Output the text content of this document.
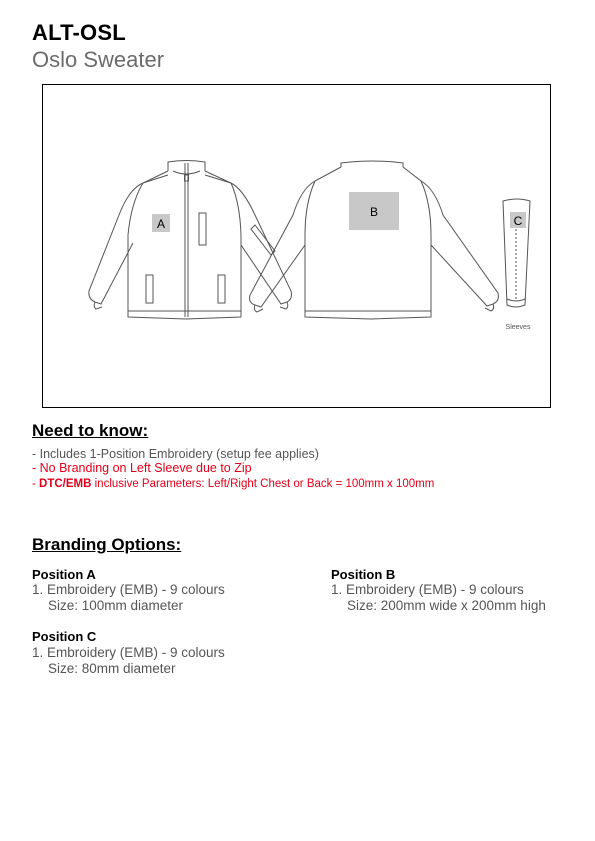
ALT-OSL
Oslo Sweater
A
B
C
Sleeves
Need to know:
- Includes 1-Position Embroidery (setup fee applies)
- No Branding on Left Sleeve due to Zip
- DTC/EMB inclusive Parameters: Left/Right Chest or Back = 100mm x 100mm
Branding Options:
Position A
1. Embroidery (EMB) - 9 colours
Size: 100mm diameter
Position B
1. Embroidery (EMB) - 9 colours
Size: 200mm wide x 200mm high
Position C
1. Embroidery (EMB) - 9 colours
Size: 80mm diameter
